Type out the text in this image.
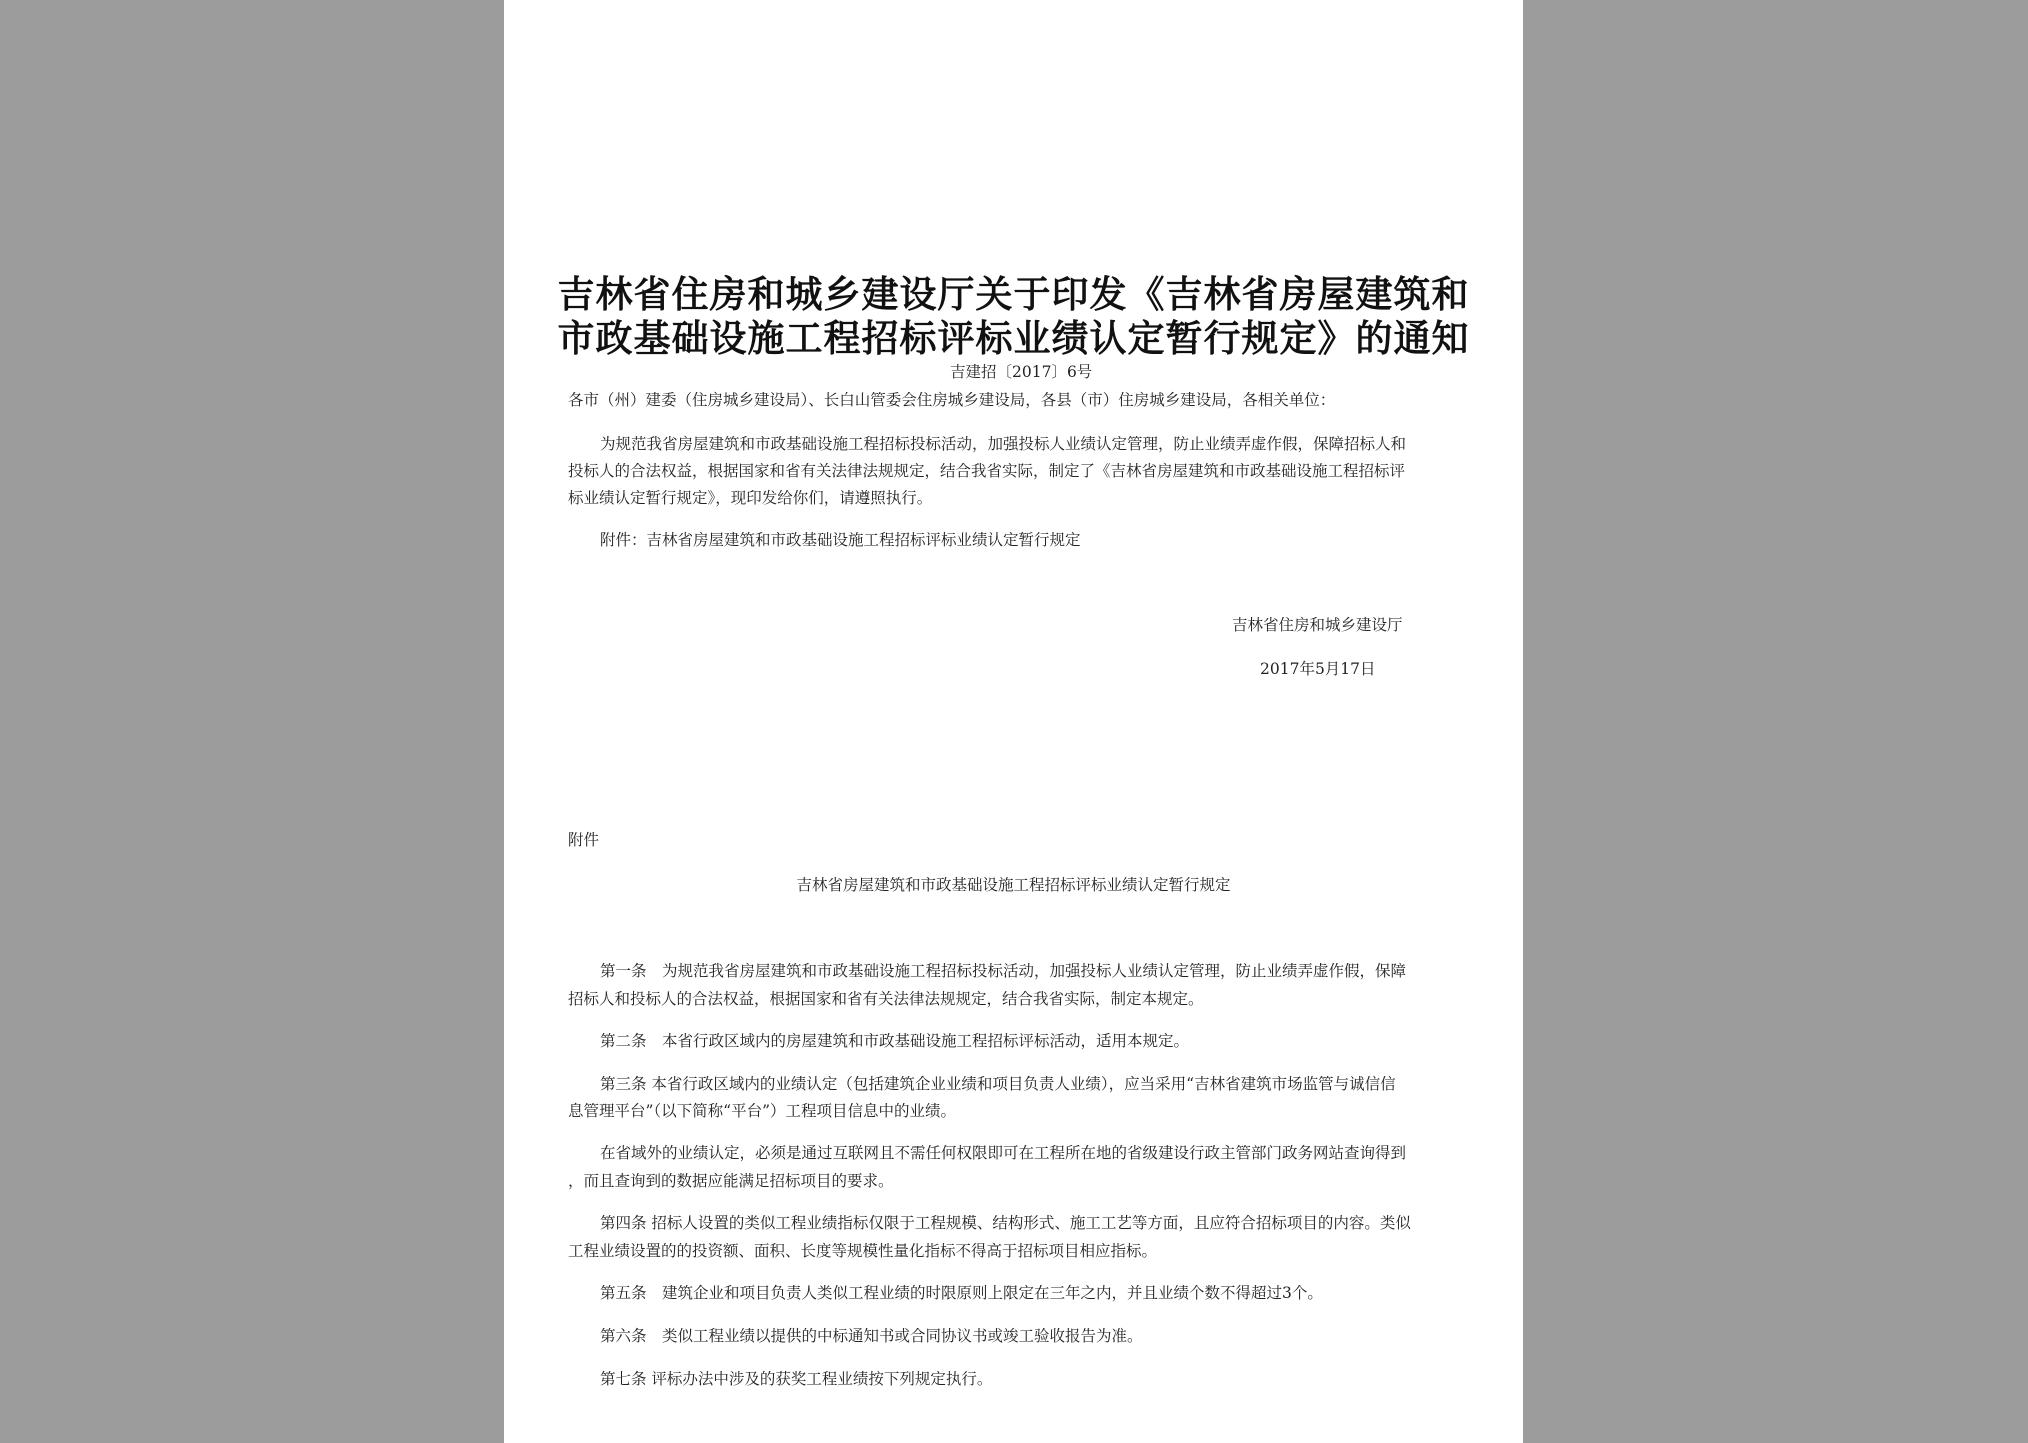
吉林省住房和城乡建设厅关于印发《吉林省房屋建筑和
市政基础设施工程招标评标业绩认定暂行规定》的通知
吉建招〔2017〕6号
各市（州）建委（住房城乡建设局）、长白山管委会住房城乡建设局，各县（市）住房城乡建设局，各相关单位：
为规范我省房屋建筑和市政基础设施工程招标投标活动，加强投标人业绩认定管理，防止业绩弄虚作假，保障招标人和
投标人的合法权益，根据国家和省有关法律法规规定，结合我省实际，制定了《吉林省房屋建筑和市政基础设施工程招标评
标业绩认定暂行规定》，现印发给你们，请遵照执行。
附件：吉林省房屋建筑和市政基础设施工程招标评标业绩认定暂行规定
吉林省住房和城乡建设厅
2017年5月17日
附件
吉林省房屋建筑和市政基础设施工程招标评标业绩认定暂行规定
第一条　为规范我省房屋建筑和市政基础设施工程招标投标活动，加强投标人业绩认定管理，防止业绩弄虚作假，保障
招标人和投标人的合法权益，根据国家和省有关法律法规规定，结合我省实际，制定本规定。
第二条　本省行政区域内的房屋建筑和市政基础设施工程招标评标活动，适用本规定。
第三条 本省行政区域内的业绩认定（包括建筑企业业绩和项目负责人业绩），应当采用“吉林省建筑市场监管与诚信信
息管理平台”（以下简称“平台”）工程项目信息中的业绩。
在省域外的业绩认定，必须是通过互联网且不需任何权限即可在工程所在地的省级建设行政主管部门政务网站查询得到
，而且查询到的数据应能满足招标项目的要求。
第四条 招标人设置的类似工程业绩指标仅限于工程规模、结构形式、施工工艺等方面，且应符合招标项目的内容。类似
工程业绩设置的的投资额、面积、长度等规模性量化指标不得高于招标项目相应指标。
第五条　建筑企业和项目负责人类似工程业绩的时限原则上限定在三年之内，并且业绩个数不得超过3个。
第六条　类似工程业绩以提供的中标通知书或合同协议书或竣工验收报告为准。
第七条 评标办法中涉及的获奖工程业绩按下列规定执行。
